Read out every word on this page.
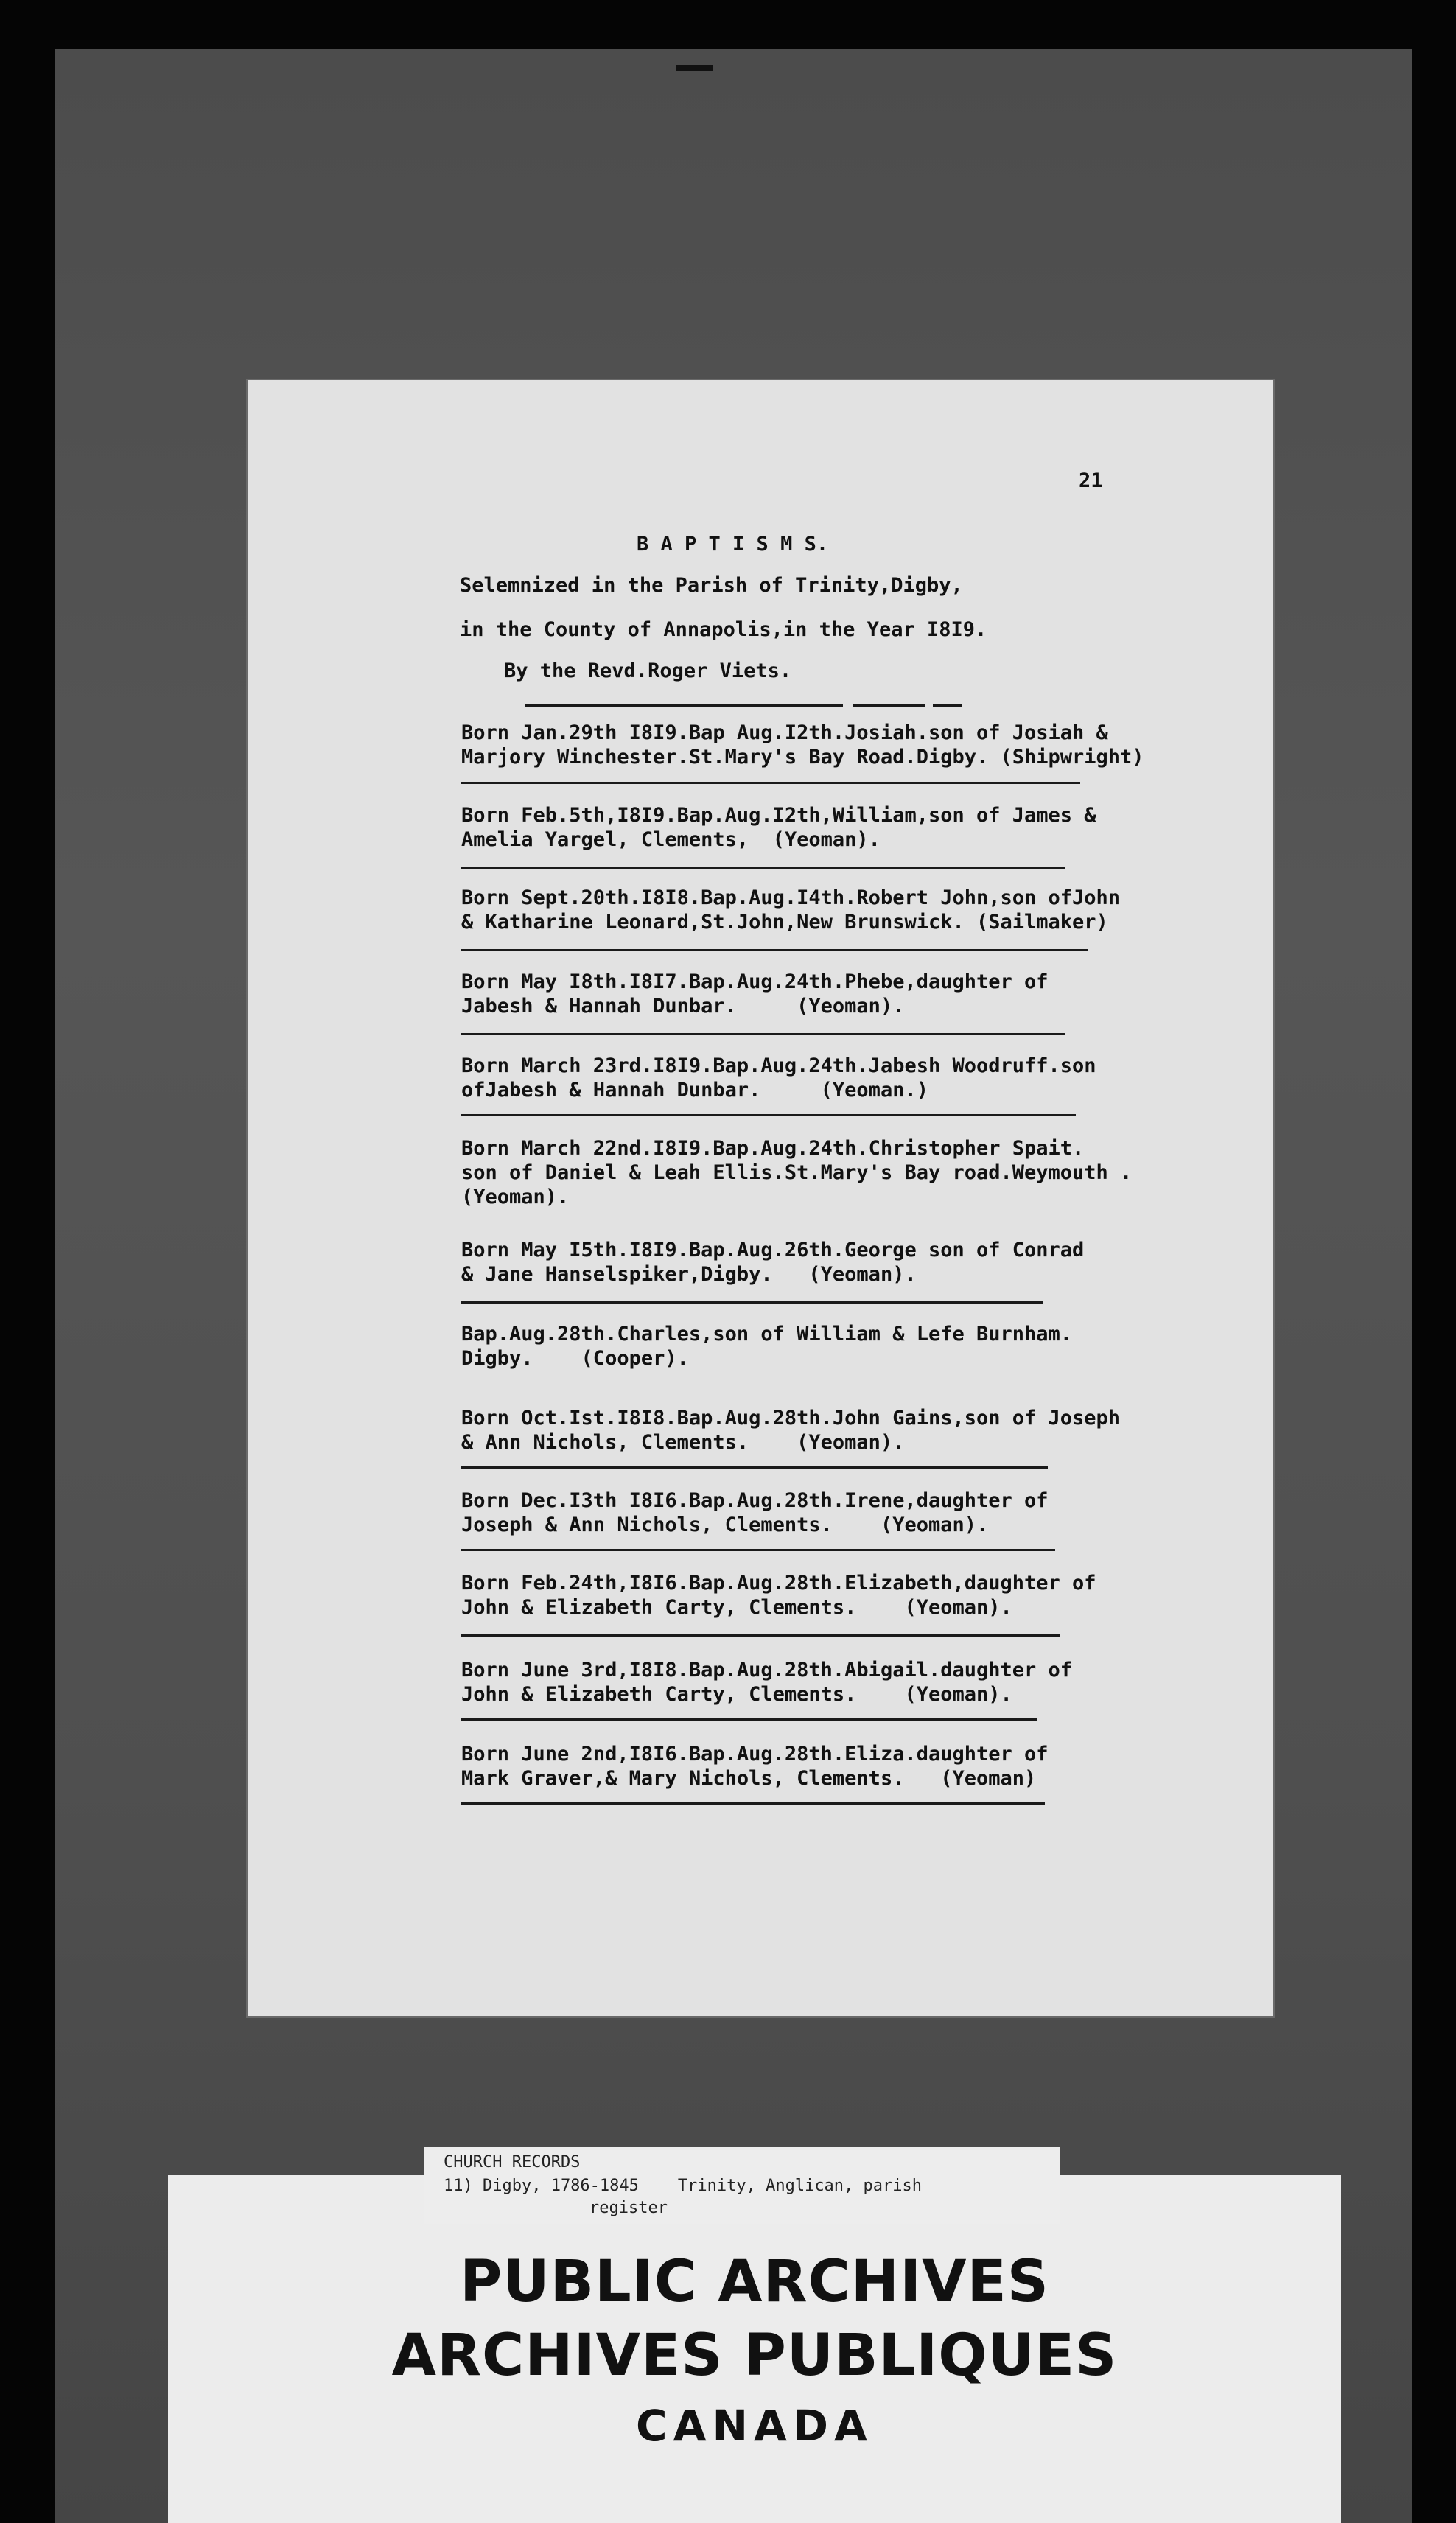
21
B A P T I S M S.
Selemnized in the Parish of Trinity,Digby,
in the County of Annapolis,in the Year I8I9.
By the Revd.Roger Viets.
Born Jan.29th I8I9.Bap Aug.I2th.Josiah.son of Josiah &
Marjory Winchester.St.Mary's Bay Road.Digby. (Shipwright)
Born Feb.5th,I8I9.Bap.Aug.I2th,William,son of James &
Amelia Yargel, Clements,  (Yeoman).
Born Sept.20th.I8I8.Bap.Aug.I4th.Robert John,son ofJohn
& Katharine Leonard,St.John,New Brunswick. (Sailmaker)
Born May I8th.I8I7.Bap.Aug.24th.Phebe,daughter of
Jabesh & Hannah Dunbar.     (Yeoman).
Born March 23rd.I8I9.Bap.Aug.24th.Jabesh Woodruff.son
ofJabesh & Hannah Dunbar.     (Yeoman.)
Born March 22nd.I8I9.Bap.Aug.24th.Christopher Spait.
son of Daniel & Leah Ellis.St.Mary's Bay road.Weymouth .
(Yeoman).
Born May I5th.I8I9.Bap.Aug.26th.George son of Conrad
& Jane Hanselspiker,Digby.   (Yeoman).
Bap.Aug.28th.Charles,son of William & Lefe Burnham.
Digby.    (Cooper).
Born Oct.Ist.I8I8.Bap.Aug.28th.John Gains,son of Joseph
& Ann Nichols, Clements.    (Yeoman).
Born Dec.I3th I8I6.Bap.Aug.28th.Irene,daughter of
Joseph & Ann Nichols, Clements.    (Yeoman).
Born Feb.24th,I8I6.Bap.Aug.28th.Elizabeth,daughter of
John & Elizabeth Carty, Clements.    (Yeoman).
Born June 3rd,I8I8.Bap.Aug.28th.Abigail.daughter of
John & Elizabeth Carty, Clements.    (Yeoman).
Born June 2nd,I8I6.Bap.Aug.28th.Eliza.daughter of
Mark Graver,& Mary Nichols, Clements.   (Yeoman)
PUBLIC ARCHIVES
ARCHIVES PUBLIQUES
CANADA
CHURCH RECORDS
11) Digby, 1786-1845    Trinity, Anglican, parish
register
